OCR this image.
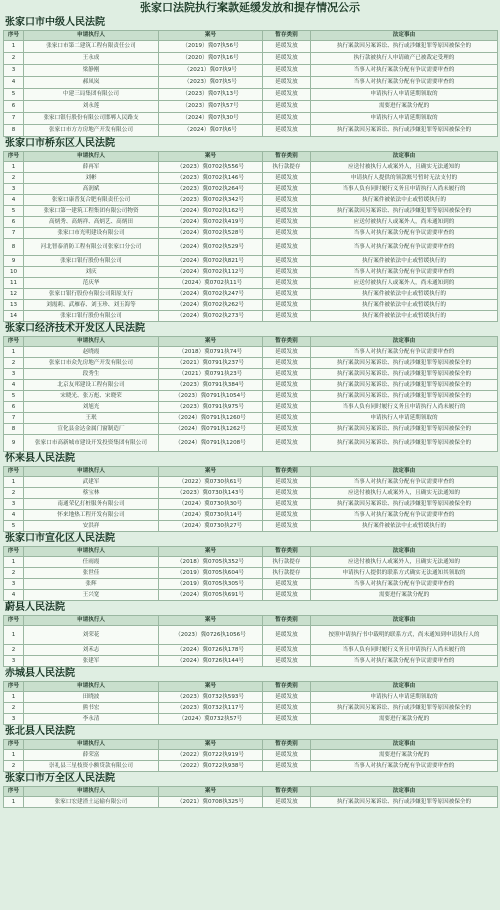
张家口法院执行案款延缓发放和提存情况公示
张家口市中级人民法院
序号	申请执行人	案号	暂存类别	法定事由
1	张家口市第二建筑工程有限责任公司	（2019）冀07执56号	延缓发放	执行案款因另案诉讼、执行或涉嫌犯罪等原因被保全的
2	王永成	（2020）冀07执16号	延缓发放	执行款被执行人申请破产已被裁定受理的
3	梁静刚	（2021）冀07执9号	延缓发放	当事人对执行案款分配有争议需要审查的
4	郝凤岚	（2023）冀07执5号	延缓发放	当事人对执行案款分配有争议需要审查的
5	中建三局集团有限公司	（2023）冀07执13号	延缓发放	申请执行人申请延期领取的
6	刘永莲	（2023）冀07执57号	延缓发放	需要进行案款分配的
7	张家口银行股份有限公司邯郸人民路支	（2024）冀07执30号	延缓发放	申请执行人申请延期领取的
8	张家口市方方房地产开发有限公司	（2024）冀07执6号	延缓发放	执行案款因另案诉讼、执行或涉嫌犯罪等原因被保全的
张家口市桥东区人民法院
序号	申请执行人	案号	暂存类别	法定事由
1	薛再军	（2023）冀0702执556号	执行款提存	应送付被执行人或案外人，且确实无法通知的
2	刘彬	（2023）冀0702执146号	延缓发放	申请执行人提供的领款账号暂时无法支付的
3	高润斌	（2023）冀0702执264号	延缓发放	当事人负有同时履行义务且申请执行人尚未履行的
4	张家口康普复合肥有限责任公司	（2023）冀0702执342号	延缓发放	执行案件被依法中止或暂缓执行的
5	张家口第一建筑工程集团有限公司物资	（2024）冀0702执162号	延缓发放	执行案款因另案诉讼、执行或涉嫌犯罪等原因被保全的
6	高炳秀、高炳祥、高炳艺、高炳田	（2024）冀0702执419号	延缓发放	应送付被执行人或案外人，尚未通知到的
7	张家口市光明建设有限公司	（2024）冀0702执528号	延缓发放	当事人对执行案款分配有争议需要审查的
8	河北智泰消防工程有限公司张家口分公司	（2024）冀0702执529号	延缓发放	当事人对执行案款分配有争议需要审查的
9	张家口银行股份有限公司	（2024）冀0702执821号	延缓发放	执行案件被依法中止或暂缓执行的
10	刘庆	（2024）冀0702执112号	延缓发放	当事人对执行案款分配有争议需要审查的
11	范庆华	（2024）冀0702执11号	延缓发放	应送付被执行人或案外人，尚未通知到的
12	张家口银行股份有限公司阳原支行	（2024）冀0702执247号	延缓发放	执行案件被依法中止或暂缓执行的
13	刘霞莉、武雁春、刘玉珍、刘玉海等	（2024）冀0702执262号	延缓发放	执行案件被依法中止或暂缓执行的
14	张家口银行股份有限公司	（2024）冀0702执273号	延缓发放	执行案件被依法中止或暂缓执行的
张家口经济技术开发区人民法院
序号	申请执行人	案号	暂存类别	法定事由
1	赵晓霞	（2018）冀0791执74号	延缓发放	当事人对执行案款分配有争议需要审查的
2	张家口市众先房地产开发有限公司	（2021）冀0791执237号	延缓发放	执行案款因另案诉讼、执行或涉嫌犯罪等原因被保全的
3	段秀生	（2021）冀0791执23号	延缓发放	执行案款因另案诉讼、执行或涉嫌犯罪等原因被保全的
4	北京友邦建设工程有限公司	（2023）冀0791执384号	延缓发放	执行案款因另案诉讼、执行或涉嫌犯罪等原因被保全的
5	宋晓光、张万彪、宋晓荣	（2023）冀0791执1054号	延缓发放	执行案款因另案诉讼、执行或涉嫌犯罪等原因被保全的
6	刘旭光	（2023）冀0791执975号	延缓发放	当事人负有同时履行义务且申请执行人尚未履行的
7	王珉	（2024）冀0791执1260号	延缓发放	申请执行人申请延期领取的
8	宣化县金达金属门窗制造厂	（2024）冀0791执1262号	延缓发放	执行案款因另案诉讼、执行或涉嫌犯罪等原因被保全的
9	张家口市高新城市建设开发投资集团有限公司	（2024）冀0791执1208号	延缓发放	执行案款因另案诉讼、执行或涉嫌犯罪等原因被保全的
怀来县人民法院
序号	申请执行人	案号	暂存类别	法定事由
1	武建军	（2022）冀0730执61号	延缓发放	当事人对执行案款分配有争议需要审查的
2	蔡宝林	（2023）冀0730执143号	延缓发放	应送付被执行人或案外人，且确实无法通知的
3	南通荣亿打桩服务有限公司	（2024）冀0730执30号	延缓发放	执行案款因另案诉讼、执行或涉嫌犯罪等原因被保全的
4	怀来地热工程开发有限公司	（2024）冀0730执14号	延缓发放	当事人对执行案款分配有争议需要审查的
5	安洪祥	（2024）冀0730执27号	延缓发放	执行案件被依法中止或暂缓执行的
张家口市宣化区人民法院
序号	申请执行人	案号	暂存类别	法定事由
1	任雨霞	（2018）冀0705执352号	执行款提存	应送付被执行人或案外人，且确实无法通知的
2	张世佳	（2019）冀0705执604号	执行款提存	申请执行人提供的联系方式确实无法通知其领取的
3	张辉	（2019）冀0705执305号	延缓发放	当事人对执行案款分配有争议需要审查的
4	王兴宽	（2024）冀0705执691号	延缓发放	需要进行案款分配的
蔚县人民法院
序号	申请执行人	案号	暂存类别	法定事由
1	刘荣花	（2023）冀0726执1056号	延缓发放	按照申请执行书中载明的联系方式，尚未通知到申请执行人的
2	刘禾志	（2024）冀0726执178号	延缓发放	当事人负有同时履行义务且申请执行人尚未履行的
3	张建军	（2024）冀0726执144号	延缓发放	当事人对执行案款分配有争议需要审查的
赤城县人民法院
序号	申请执行人	案号	暂存类别	法定事由
1	田晓波	（2023）冀0732执593号	延缓发放	申请执行人申请延期领取的
2	熊书宏	（2023）冀0732执117号	延缓发放	执行案款因另案诉讼、执行或涉嫌犯罪等原因被保全的
3	李永清	（2024）冀0732执57号	延缓发放	需要进行案款分配的
张北县人民法院
序号	申请执行人	案号	暂存类别	法定事由
1	薛荣富	（2022）冀0722执919号	延缓发放	需要进行案款分配的
2	崇礼县三星枝资小额贷款有限公司	（2022）冀0722执938号	延缓发放	当事人对执行案款分配有争议需要审查的
张家口市万全区人民法院
序号	申请执行人	案号	暂存类别	法定事由
1	张家口宏建渣土运输有限公司	（2021）冀0708执325号	延缓发放	执行案款因另案诉讼、执行或涉嫌犯罪等原因被保全的
